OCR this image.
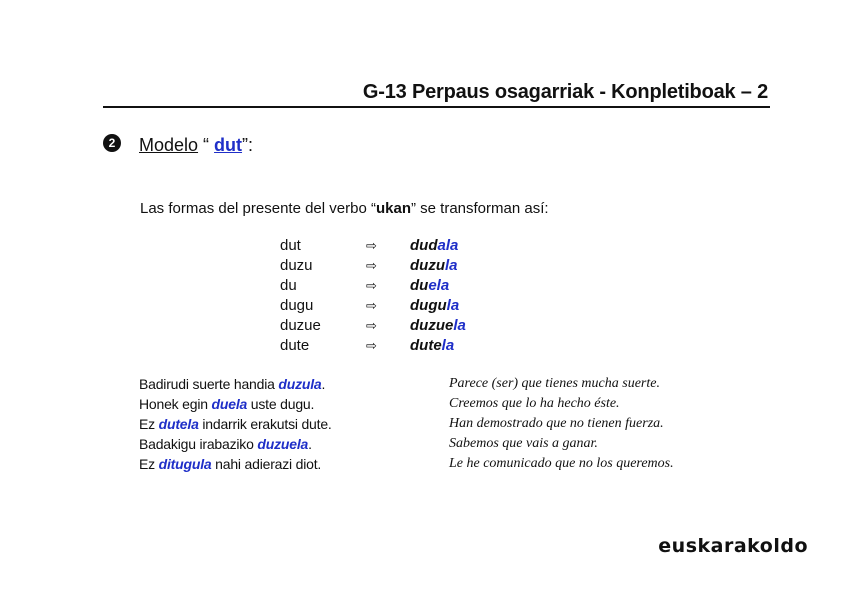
G-13 Perpaus osagarriak - Konpletiboak – 2
2	Modelo “ dut”:
Las formas del presente del verbo “ukan” se transforman así:
dut	⇨ dudala
duzu	⇨ duzula
du	⇨ duela
dugu	⇨ dugula
duzue	⇨ duzuela
dute	⇨ dutela
Badirudi suerte handia duzula.
Honek egin duela uste dugu.
Ez dutela indarrik erakutsi dute.
Badakigu irabaziko duzuela.
Ez ditugula nahi adierazi diot.
Parece (ser) que tienes mucha suerte.
Creemos que lo ha hecho éste.
Han demostrado que no tienen fuerza.
Sabemos que vais a ganar.
Le he comunicado que no los queremos.
euskarakoldo
